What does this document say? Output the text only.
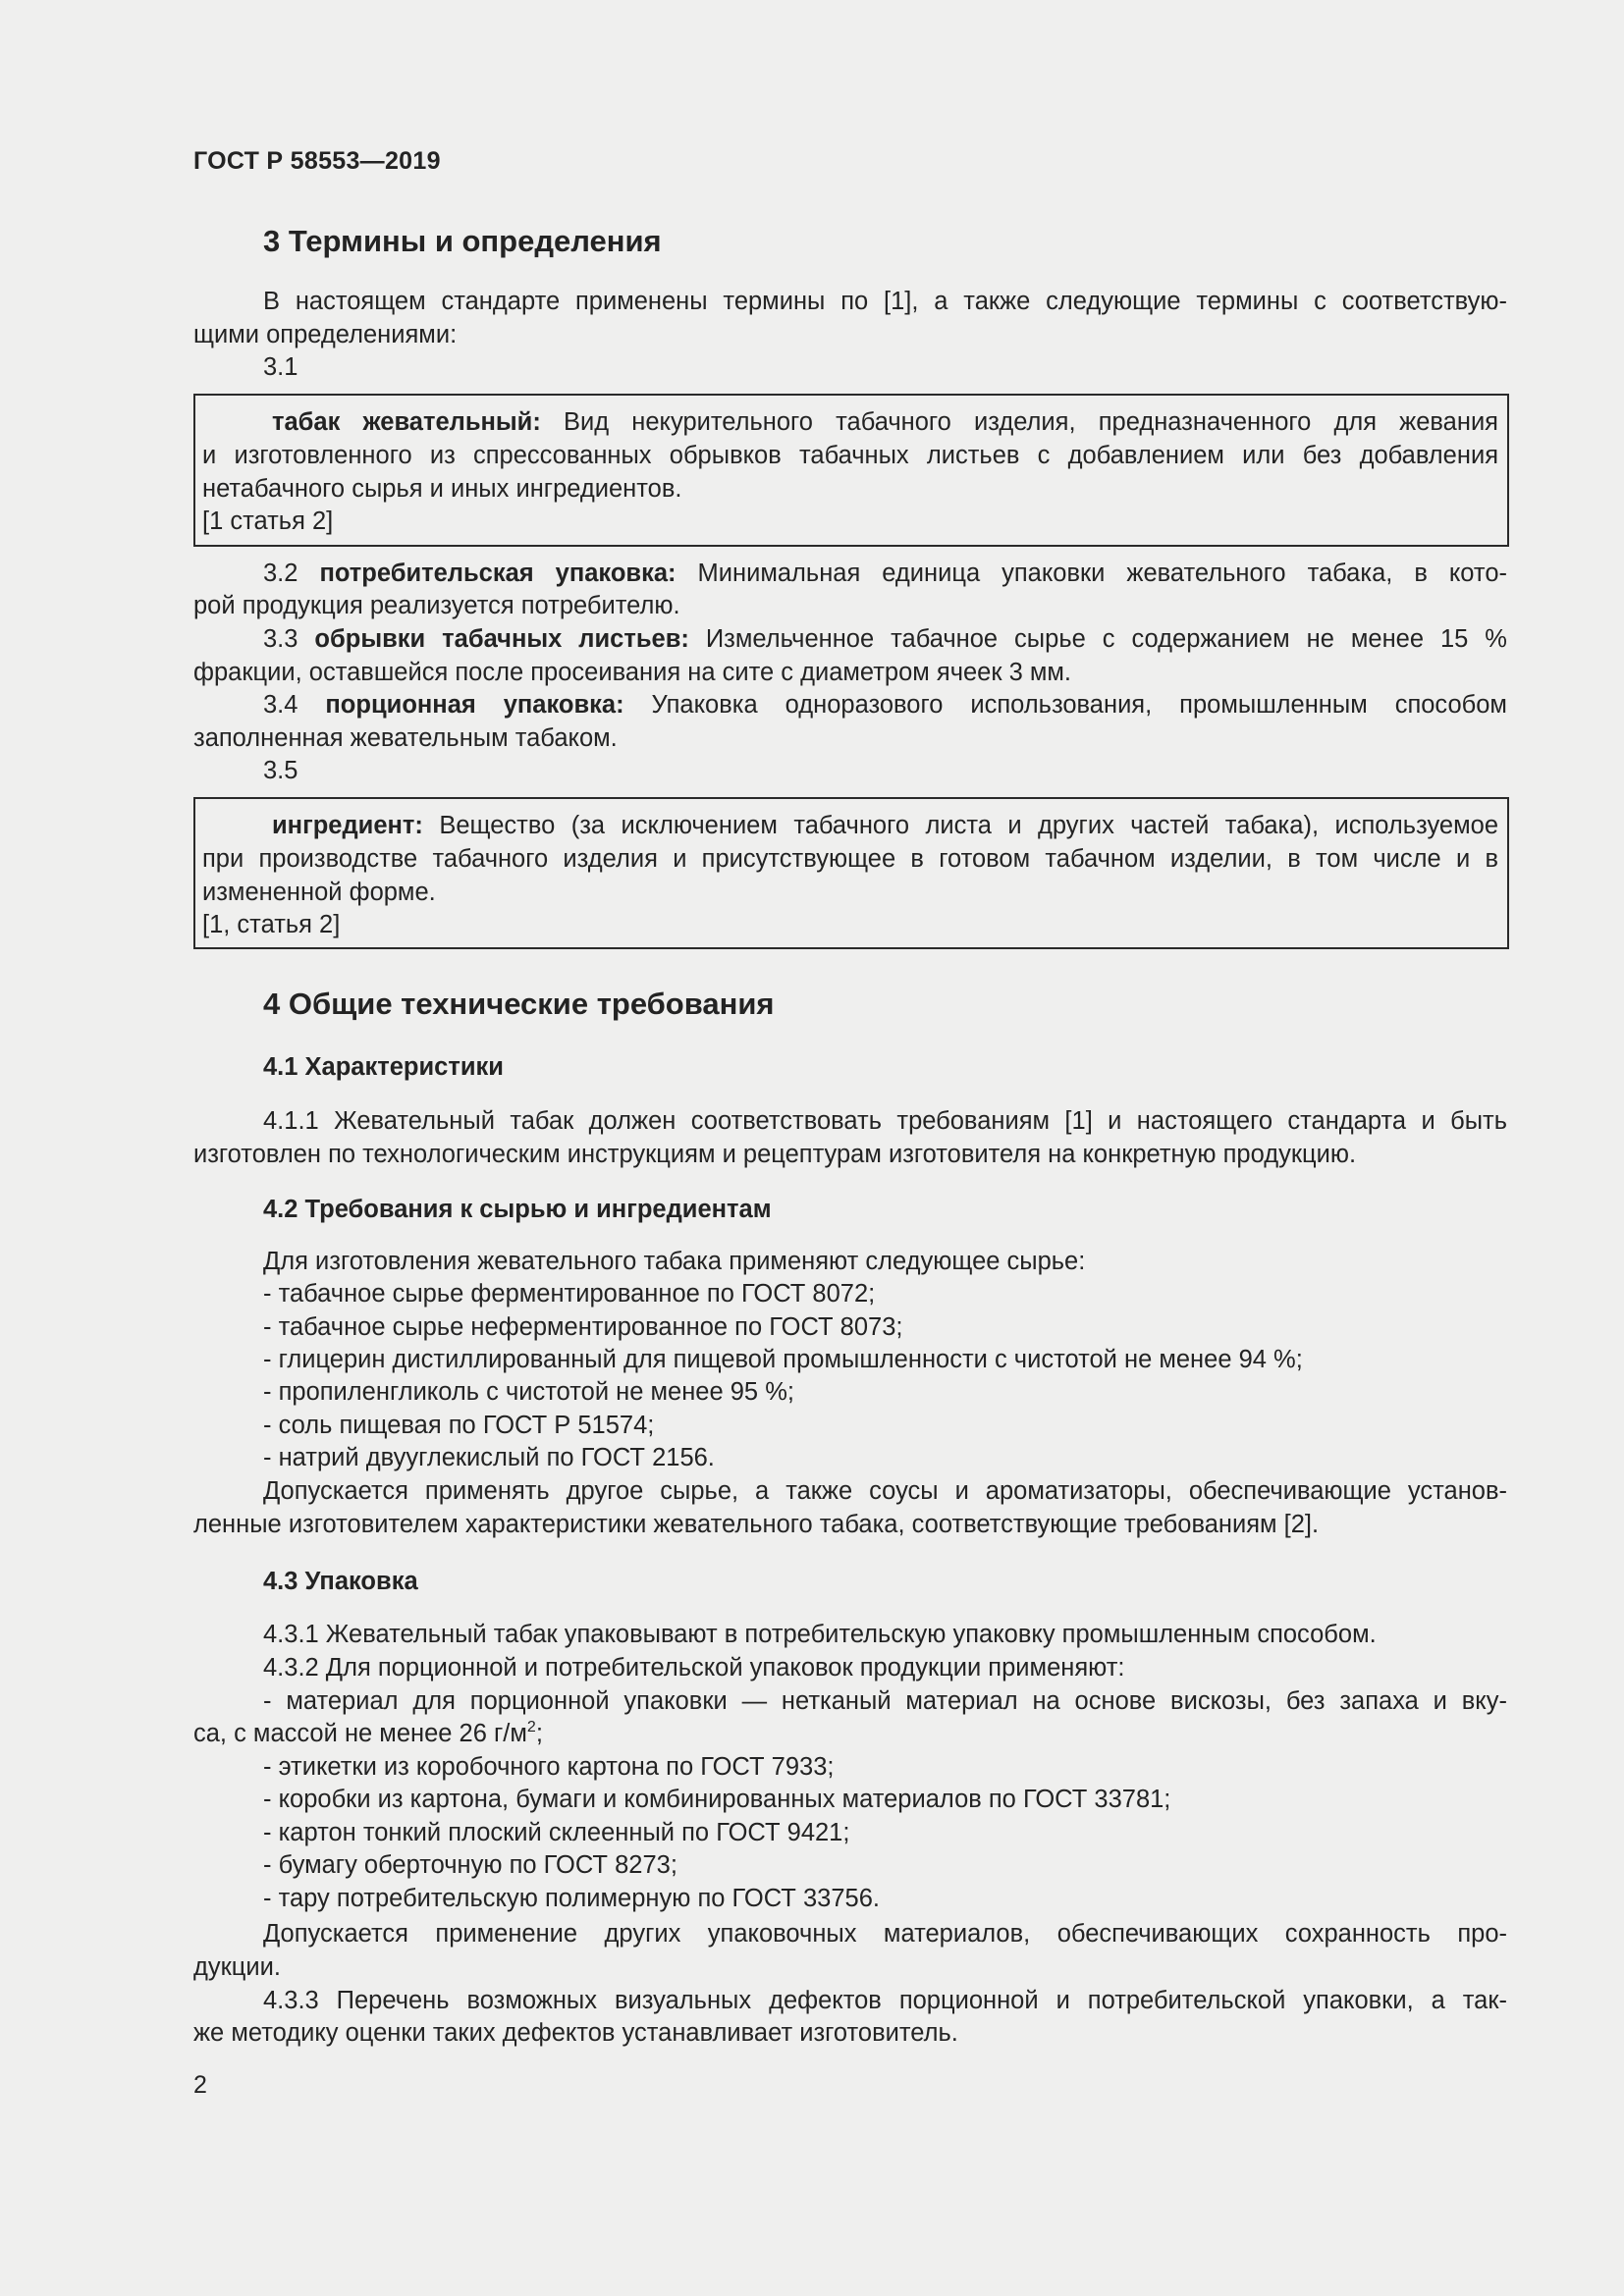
ГОСТ Р 58553—2019
3 Термины и определения
В настоящем стандарте применены термины по [1], а также следующие термины с соответствую-
щими определениями:
3.1
табак жевательный: Вид некурительного табачного изделия, предназначенного для жевания
и изготовленного из спрессованных обрывков табачных листьев с добавлением или без добавления
нетабачного сырья и иных ингредиентов.
[1 статья 2]
3.2 потребительская упаковка: Минимальная единица упаковки жевательного табака, в кото-
рой продукция реализуется потребителю.
3.3 обрывки табачных листьев: Измельченное табачное сырье с содержанием не менее 15 %
фракции, оставшейся после просеивания на сите с диаметром ячеек 3 мм.
3.4 порционная упаковка: Упаковка одноразового использования, промышленным способом
заполненная жевательным табаком.
3.5
ингредиент: Вещество (за исключением табачного листа и других частей табака), используемое
при производстве табачного изделия и присутствующее в готовом табачном изделии, в том числе и в
измененной форме.
[1, статья 2]
4 Общие технические требования
4.1 Характеристики
4.1.1 Жевательный табак должен соответствовать требованиям [1] и настоящего стандарта и быть
изготовлен по технологическим инструкциям и рецептурам изготовителя на конкретную продукцию.
4.2 Требования к сырью и ингредиентам
Для изготовления жевательного табака применяют следующее сырье:
- табачное сырье ферментированное по ГОСТ 8072;
- табачное сырье неферментированное по ГОСТ 8073;
- глицерин дистиллированный для пищевой промышленности с чистотой не менее 94 %;
- пропиленгликоль с чистотой не менее 95 %;
- соль пищевая по ГОСТ Р 51574;
- натрий двууглекислый по ГОСТ 2156.
Допускается применять другое сырье, а также соусы и ароматизаторы, обеспечивающие установ-
ленные изготовителем характеристики жевательного табака, соответствующие требованиям [2].
4.3 Упаковка
4.3.1 Жевательный табак упаковывают в потребительскую упаковку промышленным способом.
4.3.2 Для порционной и потребительской упаковок продукции применяют:
- материал для порционной упаковки — нетканый материал на основе вискозы, без запаха и вку-
са, с массой не менее 26 $г/м^2$;
- этикетки из коробочного картона по ГОСТ 7933;
- коробки из картона, бумаги и комбинированных материалов по ГОСТ 33781;
- картон тонкий плоский склеенный по ГОСТ 9421;
- бумагу оберточную по ГОСТ 8273;
- тару потребительскую полимерную по ГОСТ 33756.
Допускается применение других упаковочных материалов, обеспечивающих сохранность про-
дукции.
4.3.3 Перечень возможных визуальных дефектов порционной и потребительской упаковки, а так-
же методику оценки таких дефектов устанавливает изготовитель.
2
